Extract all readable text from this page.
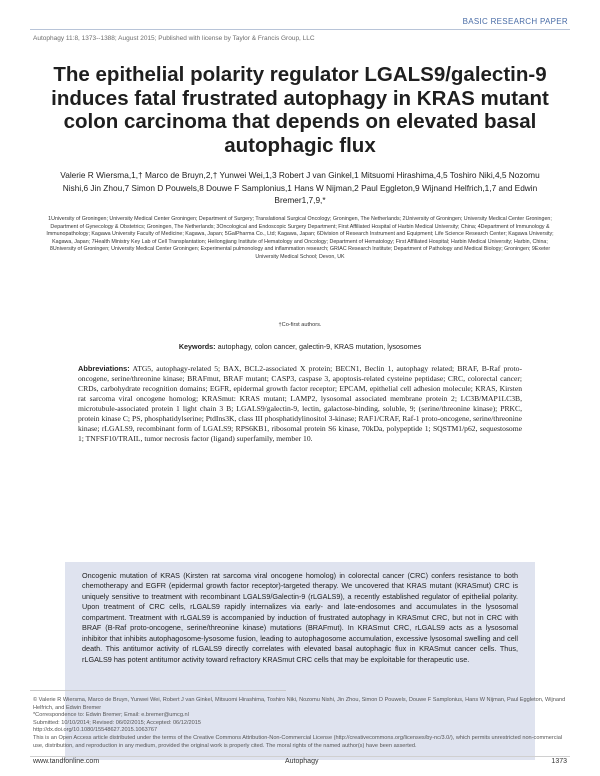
BASIC RESEARCH PAPER
Autophagy 11:8, 1373--1388; August 2015; Published with license by Taylor & Francis Group, LLC
The epithelial polarity regulator LGALS9/galectin-9 induces fatal frustrated autophagy in KRAS mutant colon carcinoma that depends on elevated basal autophagic flux
Valerie R Wiersma,1,† Marco de Bruyn,2,† Yunwei Wei,1,3 Robert J van Ginkel,1 Mitsuomi Hirashima,4,5 Toshiro Niki,4,5 Nozomu Nishi,6 Jin Zhou,7 Simon D Pouwels,8 Douwe F Samplonius,1 Hans W Nijman,2 Paul Eggleton,9 Wijnand Helfrich,1,7 and Edwin Bremer1,7,9,*
1University of Groningen; University Medical Center Groningen; Department of Surgery; Translational Surgical Oncology; Groningen, The Netherlands; 2University of Groningen; University Medical Center Groningen; Department of Gynecology & Obstetrics; Groningen, The Netherlands; 3Oncological and Endoscopic Surgery Department; First Affiliated Hospital of Harbin Medical University; China; 4Department of Immunology & Immunopathology; Kagawa University Faculty of Medicine; Kagawa, Japan; 5GalPharma Co., Ltd; Kagawa, Japan; 6Division of Research Instrument and Equipment; Life Science Research Center; Kagawa University; Kagawa, Japan; 7Health Ministry Key Lab of Cell Transplantation; Heilongjiang Institute of Hematology and Oncology; Department of Hematology; First Affiliated Hospital; Harbin Medical University; Harbin, China; 8University of Groningen; University Medical Center Groningen; Experimental pulmonology and inflammation research; GRIAC Research Institute; Department of Pathology and Medical Biology; Groningen; 9Exeter University Medical School; Devon, UK
†Co-first authors.
Keywords: autophagy, colon cancer, galectin-9, KRAS mutation, lysosomes
Abbreviations: ATG5, autophagy-related 5; BAX, BCL2-associated X protein; BECN1, Beclin 1, autophagy related; BRAF, B-Raf proto-oncogene, serine/threonine kinase; BRAFmut, BRAF mutant; CASP3, caspase 3, apoptosis-related cysteine peptidase; CRC, colorectal cancer; CRDs, carbohydrate recognition domains; EGFR, epidermal growth factor receptor; EPCAM, epithelial cell adhesion molecule; KRAS, Kirsten rat sarcoma viral oncogene homolog; KRASmut: KRAS mutant; LAMP2, lysosomal associated membrane protein 2; LC3B/MAP1LC3B, microtubule-associated protein 1 light chain 3 B; LGALS9/galectin-9, lectin, galactose-binding, soluble, 9; (serine/threonine kinase); PRKC, protein kinase C; PS, phosphatidylserine; PtdIns3K, class III phosphatidylinositol 3-kinase; RAF1/CRAF, Raf-1 proto-oncogene, serine/threonine kinase; rLGALS9, recombinant form of LGALS9; RPS6KB1, ribosomal protein S6 kinase, 70kDa, polypeptide 1; SQSTM1/p62, sequestosome 1; TNFSF10/TRAIL, tumor necrosis factor (ligand) superfamily, member 10.
Oncogenic mutation of KRAS (Kirsten rat sarcoma viral oncogene homolog) in colorectal cancer (CRC) confers resistance to both chemotherapy and EGFR (epidermal growth factor receptor)-targeted therapy. We uncovered that KRAS mutant (KRASmut) CRC is uniquely sensitive to treatment with recombinant LGALS9/Galectin-9 (rLGALS9), a recently established regulator of epithelial polarity. Upon treatment of CRC cells, rLGALS9 rapidly internalizes via early- and late-endosomes and accumulates in the lysosomal compartment. Treatment with rLGALS9 is accompanied by induction of frustrated autophagy in KRASmut CRC, but not in CRC with BRAF (B-Raf proto-oncogene, serine/threonine kinase) mutations (BRAFmut). In KRASmut CRC, rLGALS9 acts as a lysosomal inhibitor that inhibits autophagosome-lysosome fusion, leading to autophagosome accumulation, excessive lysosomal swelling and cell death. This antitumor activity of rLGALS9 directly correlates with elevated basal autophagic flux in KRASmut cancer cells. Thus, rLGALS9 has potent antitumor activity toward refractory KRASmut CRC cells that may be exploitable for therapeutic use.
© Valerie R Wiersma, Marco de Bruyn, Yunwei Wei, Robert J van Ginkel, Mitsuomi Hirashima, Toshiro Niki, Nozomu Nishi, Jin Zhou, Simon D Pouwels, Douwe F Samplonius, Hans W Nijman, Paul Eggleton, Wijnand Helfrich, and Edwin Bremer
*Correspondence to: Edwin Bremer; Email: e.bremer@umcg.nl
Submitted: 10/10/2014; Revised: 06/02/2015; Accepted: 06/12/2015
http://dx.doi.org/10.1080/15548627.2015.1063767
This is an Open Access article distributed under the terms of the Creative Commons Attribution-Non-Commercial License (http://creativecommons.org/licenses/by-nc/3.0/), which permits unrestricted non-commercial use, distribution, and reproduction in any medium, provided the original work is properly cited. The moral rights of the named author(s) have been asserted.
www.tandfonline.com	Autophagy	1373
